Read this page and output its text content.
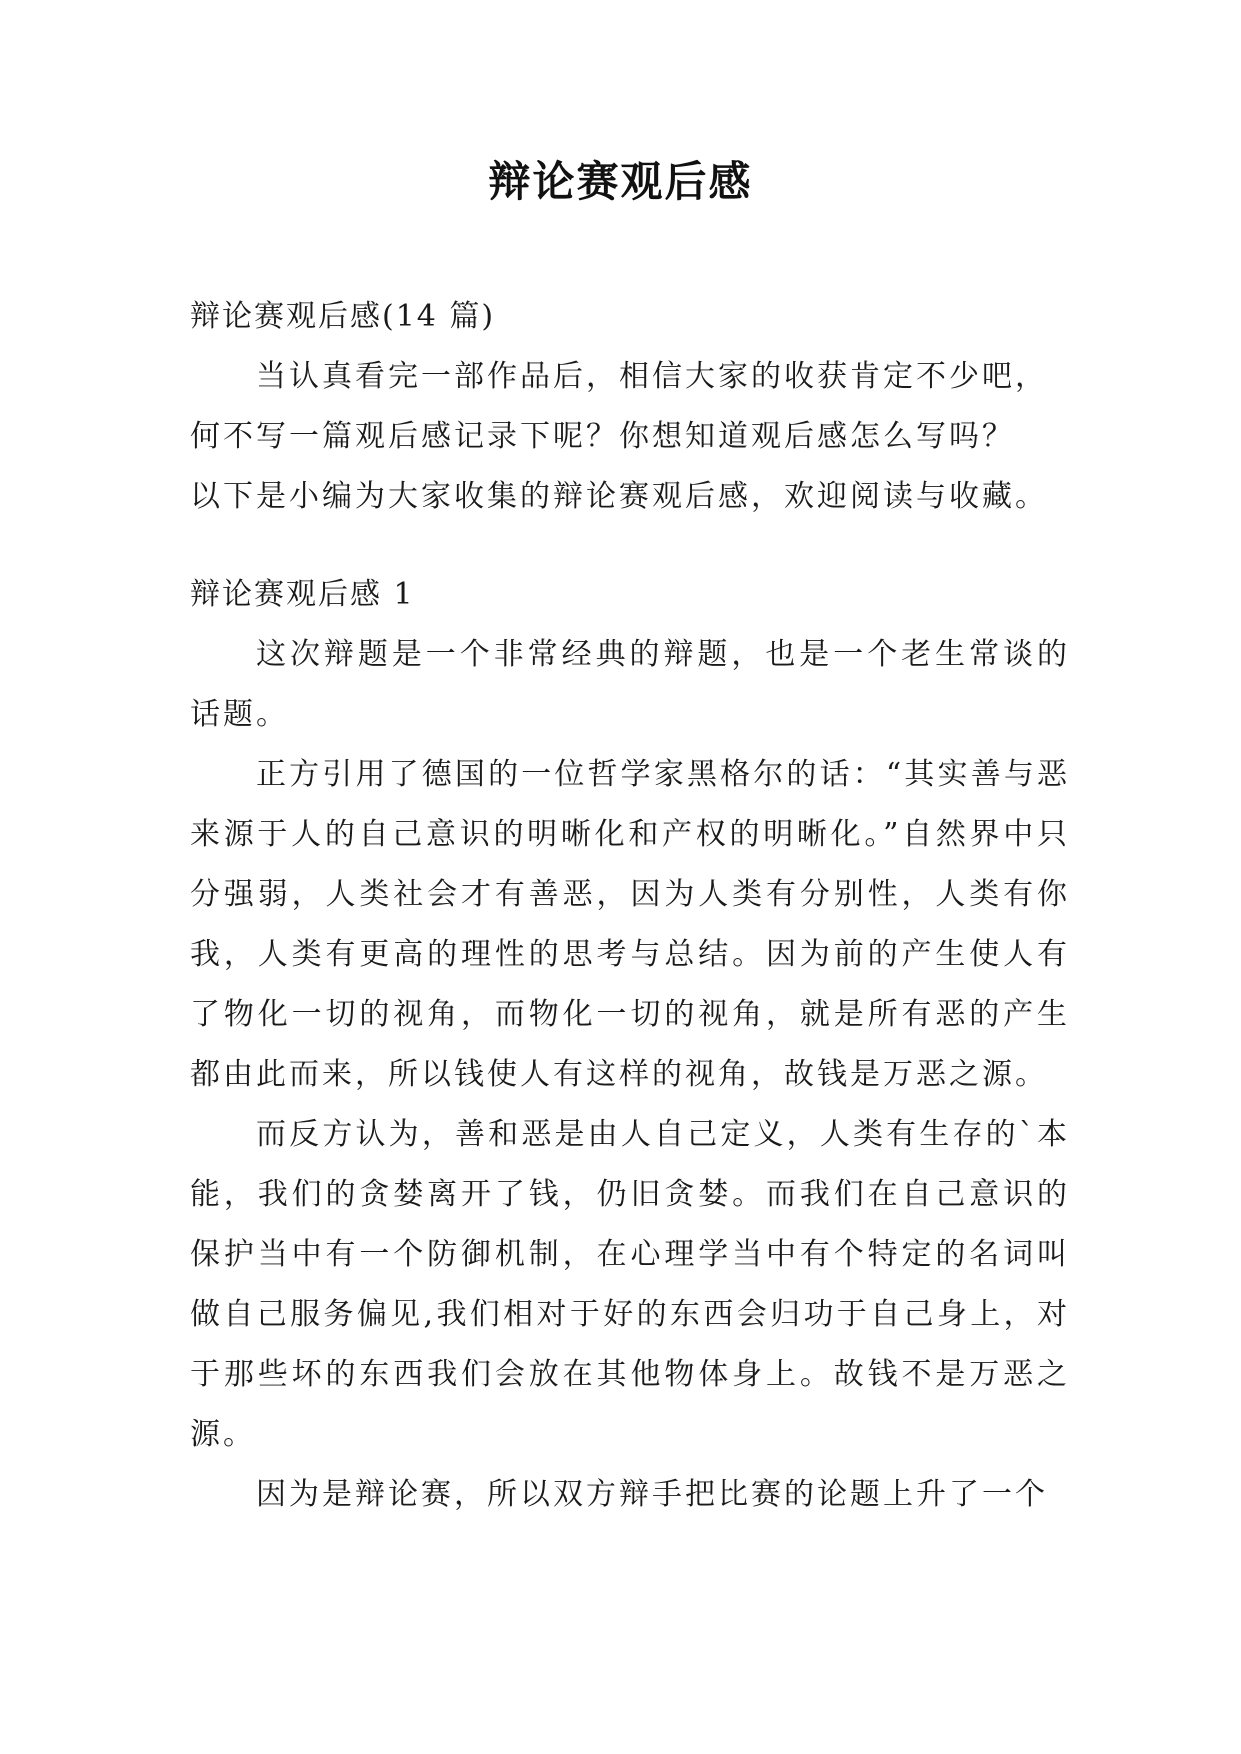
辩论赛观后感

辩论赛观后感(14 篇)

当认真看完一部作品后，相信大家的收获肯定不少吧，

何不写一篇观后感记录下呢？你想知道观后感怎么写吗？

以下是小编为大家收集的辩论赛观后感，欢迎阅读与收藏。

辩论赛观后感 1

这次辩题是一个非常经典的辩题，也是一个老生常谈的话题。

正方引用了德国的一位哲学家黑格尔的话：“其实善与恶来源于人的自己意识的明晰化和产权的明晰化。”自然界中只分强弱，人类社会才有善恶，因为人类有分别性，人类有你我，人类有更高的理性的思考与总结。因为前的产生使人有了物化一切的视角，而物化一切的视角，就是所有恶的产生都由此而来，所以钱使人有这样的视角，故钱是万恶之源。

而反方认为，善和恶是由人自己定义，人类有生存的`本能，我们的贪婪离开了钱，仍旧贪婪。而我们在自己意识的保护当中有一个防御机制，在心理学当中有个特定的名词叫做自己服务偏见,我们相对于好的东西会归功于自己身上，对于那些坏的东西我们会放在其他物体身上。故钱不是万恶之源。

因为是辩论赛，所以双方辩手把比赛的论题上升了一个
